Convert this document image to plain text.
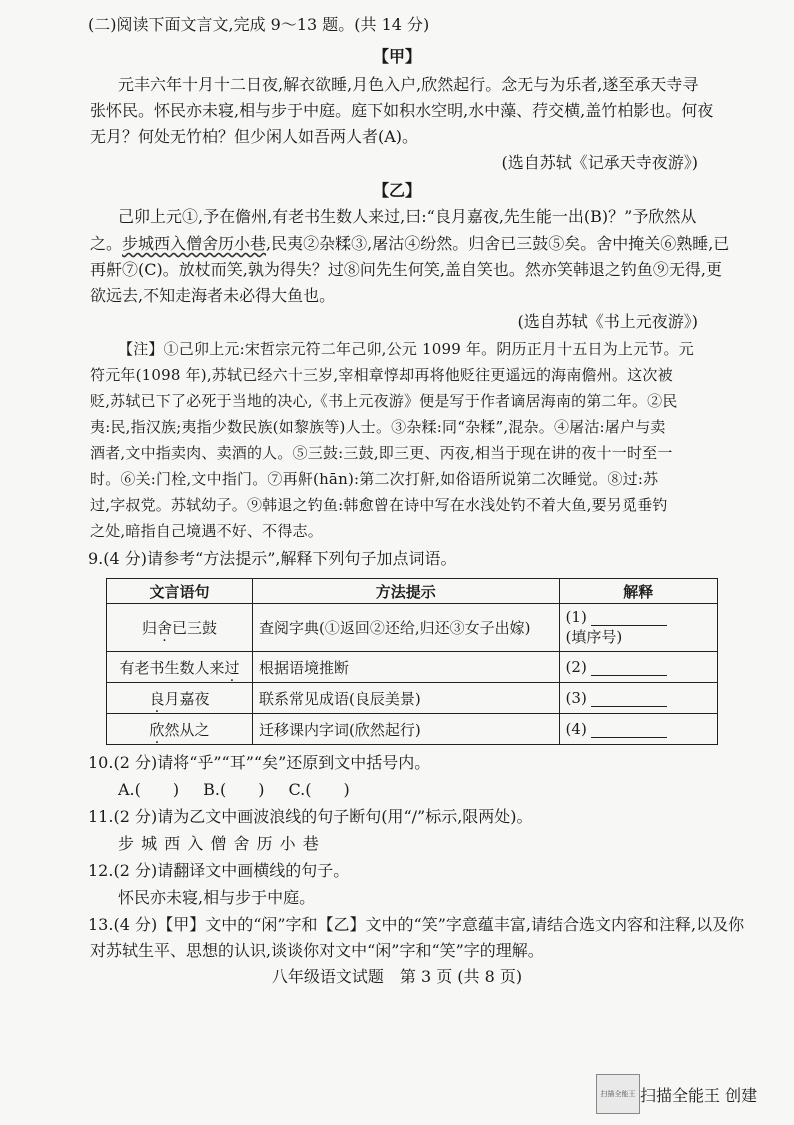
(二)阅读下面文言文,完成 9～13 题。(共 14 分)
【甲】
元丰六年十月十二日夜,解衣欲睡,月色入户,欣然起行。念无与为乐者,遂至承天寺寻
张怀民。怀民亦未寝,相与步于中庭。庭下如积水空明,水中藻、荇交横,盖竹柏影也。何夜
无月？何处无竹柏？但少闲人如吾两人者(A)。
(选自苏轼《记承天寺夜游》)
【乙】
己卯上元①,予在儋州,有老书生数人来过,曰:“良月嘉夜,先生能一出(B)？”予欣然从
之。步城西入僧舍历小巷,民夷②杂糅③,屠沽④纷然。归舍已三鼓⑤矣。舍中掩关⑥熟睡,已
再鼾⑦(C)。放杖而笑,孰为得失？过⑧问先生何笑,盖自笑也。然亦笑韩退之钓鱼⑨无得,更
欲远去,不知走海者未必得大鱼也。
(选自苏轼《书上元夜游》)
【注】①己卯上元:宋哲宗元符二年己卯,公元 1099 年。阴历正月十五日为上元节。元
符元年(1098 年),苏轼已经六十三岁,宰相章惇却再将他贬往更遥远的海南儋州。这次被
贬,苏轼已下了必死于当地的决心,《书上元夜游》便是写于作者谪居海南的第二年。②民
夷:民,指汉族;夷指少数民族(如黎族等)人士。③杂糅:同“杂糅”,混杂。④屠沽:屠户与卖
酒者,文中指卖肉、卖酒的人。⑤三鼓:三鼓,即三更、丙夜,相当于现在讲的夜十一时至一
时。⑥关:门栓,文中指门。⑦再鼾(hān):第二次打鼾,如俗语所说第二次睡觉。⑧过:苏
过,字叔党。苏轼幼子。⑨韩退之钓鱼:韩愈曾在诗中写在水浅处钓不着大鱼,要另觅垂钓
之处,暗指自己境遇不好、不得志。
9.(4 分)请参考“方法提示”,解释下列句子加点词语。
文言语句	方法提示	解释
归舍已三鼓	查阅字典(①返回②还给,归还③女子出嫁)	(1)
(填序号)

有老书生数人来过	根据语境推断	(2)
良月嘉夜	联系常见成语(良辰美景)	(3)
欣然从之	迁移课内字词(欣然起行)	(4)
10.(2 分)请将“乎”“耳”“矣”还原到文中括号内。
A.(　　) B.(　　) C.(　　)
11.(2 分)请为乙文中画波浪线的句子断句(用“/”标示,限两处)。
步 城 西 入 僧 舍 历 小 巷
12.(2 分)请翻译文中画横线的句子。
怀民亦未寝,相与步于中庭。
13.(4 分)【甲】文中的“闲”字和【乙】文中的“笑”字意蕴丰富,请结合选文内容和注释,以及你
对苏轼生平、思想的认识,谈谈你对文中“闲”字和“笑”字的理解。
八年级语文试题　第 3 页 (共 8 页)
扫描全能王 扫描全能王 创建
